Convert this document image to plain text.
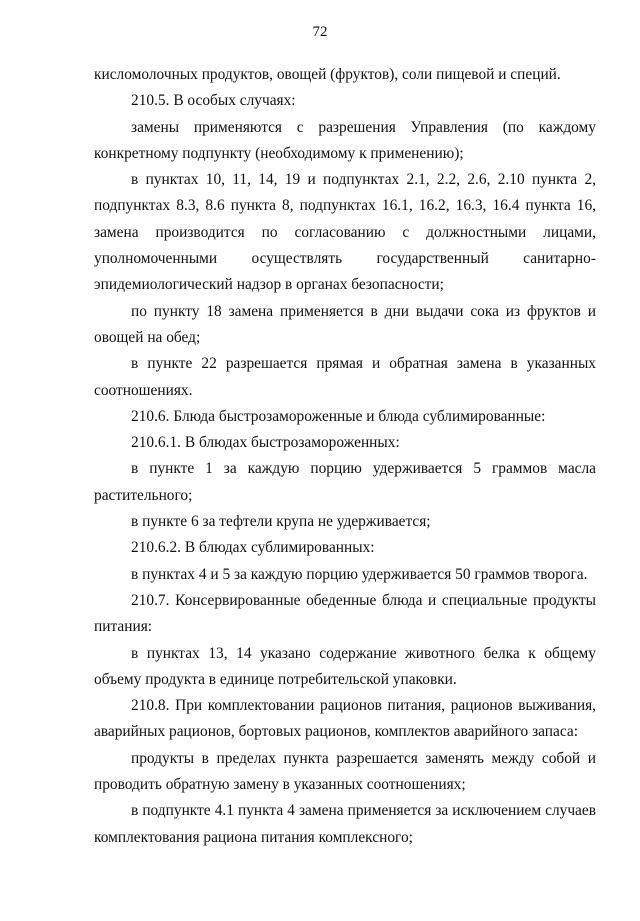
72

кисломолочных продуктов, овощей (фруктов), соли пищевой и специй.

210.5. В особых случаях:

замены применяются с разрешения Управления (по каждому конкретному подпункту (необходимому к применению);

в пунктах 10, 11, 14, 19 и подпунктах 2.1, 2.2, 2.6, 2.10 пункта 2, подпунктах 8.3, 8.6 пункта 8, подпунктах 16.1, 16.2, 16.3, 16.4 пункта 16, замена производится по согласованию с должностными лицами, уполномоченными осуществлять государственный санитарно-эпидемиологический надзор в органах безопасности;

по пункту 18 замена применяется в дни выдачи сока из фруктов и овощей на обед;

в пункте 22 разрешается прямая и обратная замена в указанных соотношениях.

210.6. Блюда быстрозамороженные и блюда сублимированные:

210.6.1. В блюдах быстрозамороженных:

в пункте 1 за каждую порцию удерживается 5 граммов масла растительного;

в пункте 6 за тефтели крупа не удерживается;

210.6.2. В блюдах сублимированных:

в пунктах 4 и 5 за каждую порцию удерживается 50 граммов творога.

210.7. Консервированные обеденные блюда и специальные продукты питания:

в пунктах 13, 14 указано содержание животного белка к общему объему продукта в единице потребительской упаковки.

210.8. При комплектовании рационов питания, рационов выживания, аварийных рационов, бортовых рационов, комплектов аварийного запаса:

продукты в пределах пункта разрешается заменять между собой и проводить обратную замену в указанных соотношениях;

в подпункте 4.1 пункта 4 замена применяется за исключением случаев комплектования рациона питания комплексного;
